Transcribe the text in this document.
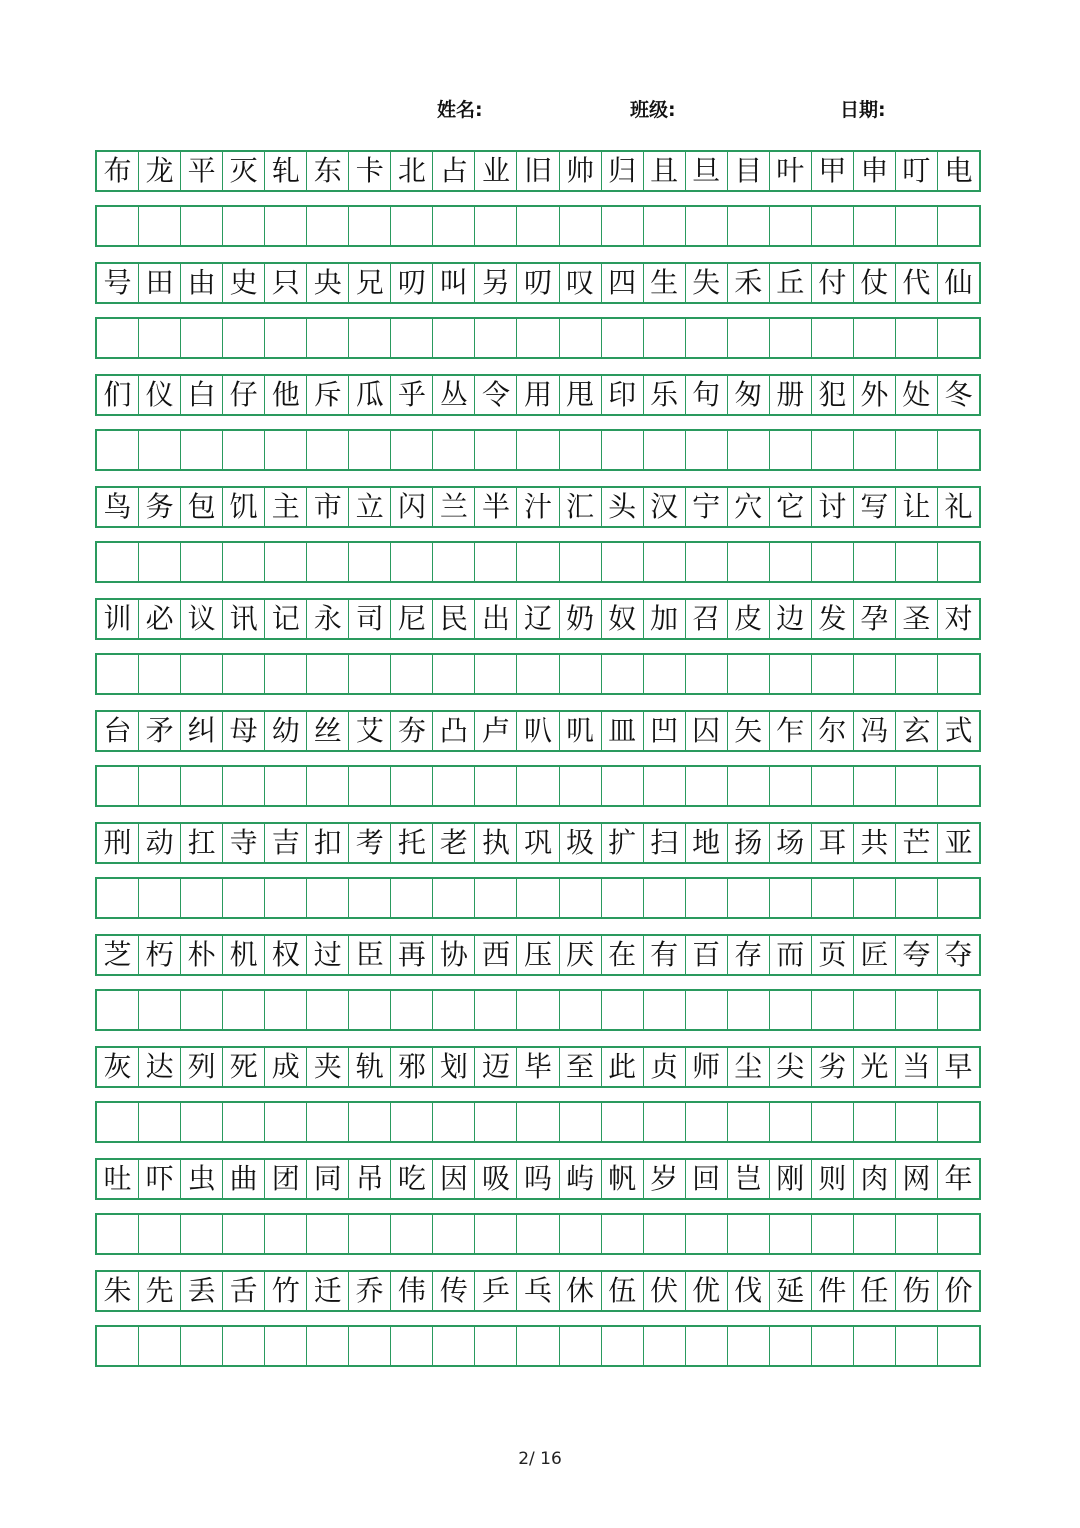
姓名:	班级:	日期:
布 龙 平 灭 轧 东 卡 北 占 业 旧 帅 归 且 旦 目 叶 甲 申 叮 电
号 田 由 史 只 央 兄 叨 叫 另 叨 叹 四 生 失 禾 丘 付 仗 代 仙
们 仪 白 仔 他 斥 瓜 乎 丛 令 用 甩 印 乐 句 匆 册 犯 外 处 冬
鸟 务 包 饥 主 市 立 闪 兰 半 汁 汇 头 汉 宁 穴 它 讨 写 让 礼
训 必 议 讯 记 永 司 尼 民 出 辽 奶 奴 加 召 皮 边 发 孕 圣 对
台 矛 纠 母 幼 丝 艾 夯 凸 卢 叭 叽 皿 凹 囚 矢 乍 尔 冯 玄 式
刑 动 扛 寺 吉 扣 考 托 老 执 巩 圾 扩 扫 地 扬 场 耳 共 芒 亚
芝 朽 朴 机 权 过 臣 再 协 西 压 厌 在 有 百 存 而 页 匠 夸 夺
灰 达 列 死 成 夹 轨 邪 划 迈 毕 至 此 贞 师 尘 尖 劣 光 当 早
吐 吓 虫 曲 团 同 吊 吃 因 吸 吗 屿 帆 岁 回 岂 刚 则 肉 网 年
朱 先 丢 舌 竹 迁 乔 伟 传 乒 乓 休 伍 伏 优 伐 延 件 任 伤 价
2/ 16
